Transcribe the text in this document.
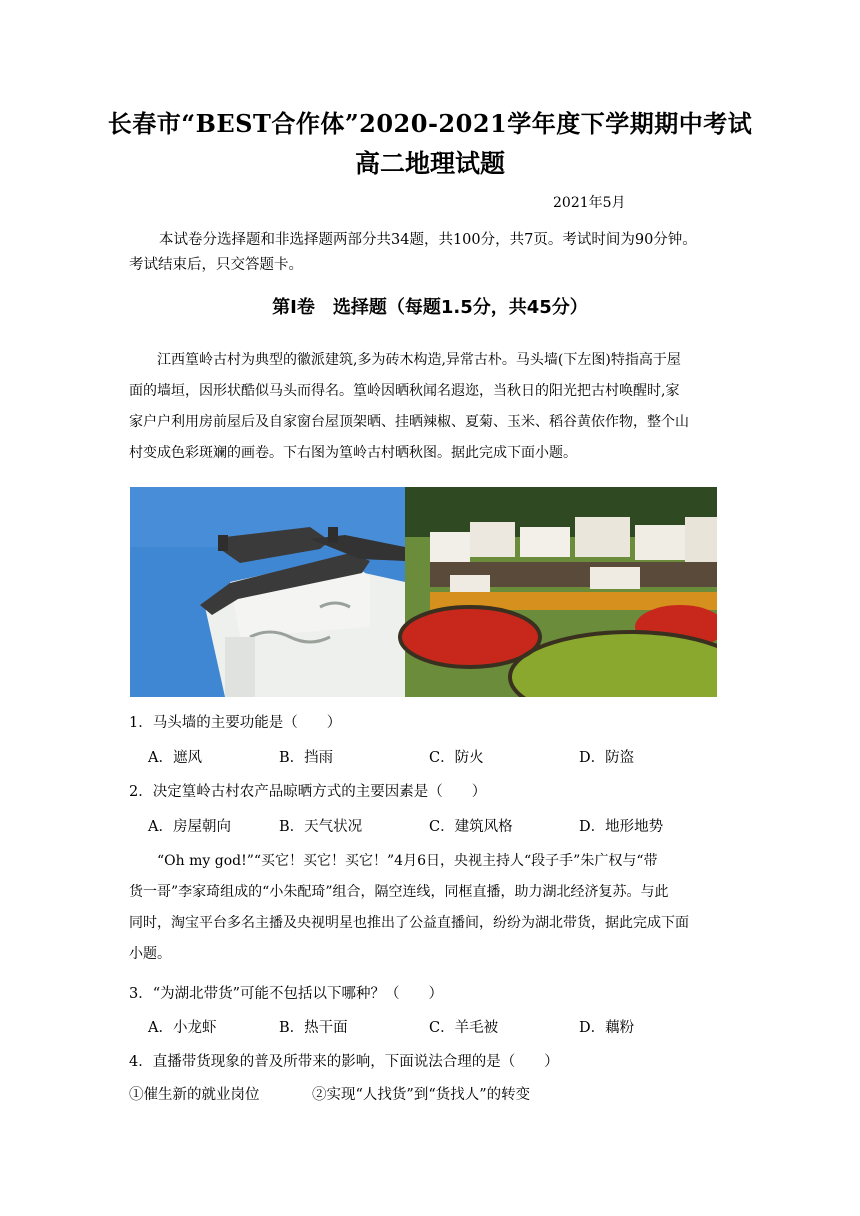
长春市“BEST合作体”2020-2021学年度下学期期中考试
高二地理试题
2021年5月
本试卷分选择题和非选择题两部分共34题，共100分，共7页。考试时间为90分钟。
考试结束后，只交答题卡。
第Ⅰ卷　选择题（每题1.5分，共45分）
江西篁岭古村为典型的徽派建筑,多为砖木构造,异常古朴。马头墙(下左图)特指高于屋
面的墙垣，因形状酷似马头而得名。篁岭因晒秋闻名遐迩，当秋日的阳光把古村唤醒时,家
家户户利用房前屋后及自家窗台屋顶架晒、挂晒辣椒、夏菊、玉米、稻谷黄依作物，整个山
村变成色彩斑斓的画卷。下右图为篁岭古村晒秋图。据此完成下面小题。
1．马头墙的主要功能是（　　）
A．遮风	B．挡雨	C．防火	D．防盗
2．决定篁岭古村农产品晾晒方式的主要因素是（　　）
A．房屋朝向	B．天气状况	C．建筑风格	D．地形地势
“Oh my god!”“买它！买它！买它！”4月6日，央视主持人“段子手”朱广权与“带
货一哥”李家琦组成的“小朱配琦”组合，隔空连线，同框直播，助力湖北经济复苏。与此
同时，淘宝平台多名主播及央视明星也推出了公益直播间，纷纷为湖北带货，据此完成下面
小题。
3．“为湖北带货”可能不包括以下哪种？（　　）
A．小龙虾	B．热干面	C．羊毛被	D．藕粉
4．直播带货现象的普及所带来的影响，下面说法合理的是（　　）
①催生新的就业岗位	②实现“人找货”到“货找人”的转变
